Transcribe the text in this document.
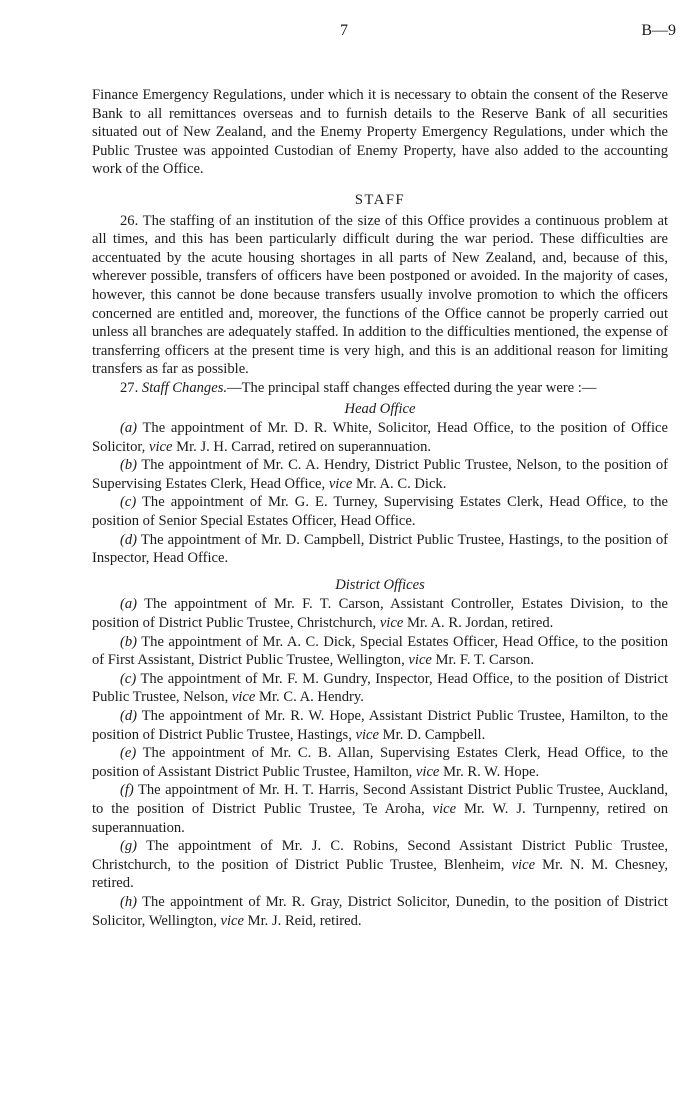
7	B—9

Finance Emergency Regulations, under which it is necessary to obtain the consent of the Reserve Bank to all remittances overseas and to furnish details to the Reserve Bank of all securities situated out of New Zealand, and the Enemy Property Emergency Regulations, under which the Public Trustee was appointed Custodian of Enemy Property, have also added to the accounting work of the Office.

STAFF

26. The staffing of an institution of the size of this Office provides a continuous problem at all times, and this has been particularly difficult during the war period. These difficulties are accentuated by the acute housing shortages in all parts of New Zealand, and, because of this, wherever possible, transfers of officers have been postponed or avoided. In the majority of cases, however, this cannot be done because transfers usually involve promotion to which the officers concerned are entitled and, moreover, the functions of the Office cannot be properly carried out unless all branches are adequately staffed. In addition to the difficulties mentioned, the expense of transferring officers at the present time is very high, and this is an additional reason for limiting transfers as far as possible.

27. Staff Changes.—The principal staff changes effected during the year were :—

Head Office

(a) The appointment of Mr. D. R. White, Solicitor, Head Office, to the position of Office Solicitor, vice Mr. J. H. Carrad, retired on superannuation.

(b) The appointment of Mr. C. A. Hendry, District Public Trustee, Nelson, to the position of Supervising Estates Clerk, Head Office, vice Mr. A. C. Dick.

(c) The appointment of Mr. G. E. Turney, Supervising Estates Clerk, Head Office, to the position of Senior Special Estates Officer, Head Office.

(d) The appointment of Mr. D. Campbell, District Public Trustee, Hastings, to the position of Inspector, Head Office.

District Offices

(a) The appointment of Mr. F. T. Carson, Assistant Controller, Estates Division, to the position of District Public Trustee, Christchurch, vice Mr. A. R. Jordan, retired.

(b) The appointment of Mr. A. C. Dick, Special Estates Officer, Head Office, to the position of First Assistant, District Public Trustee, Wellington, vice Mr. F. T. Carson.

(c) The appointment of Mr. F. M. Gundry, Inspector, Head Office, to the position of District Public Trustee, Nelson, vice Mr. C. A. Hendry.

(d) The appointment of Mr. R. W. Hope, Assistant District Public Trustee, Hamilton, to the position of District Public Trustee, Hastings, vice Mr. D. Campbell.

(e) The appointment of Mr. C. B. Allan, Supervising Estates Clerk, Head Office, to the position of Assistant District Public Trustee, Hamilton, vice Mr. R. W. Hope.

(f) The appointment of Mr. H. T. Harris, Second Assistant District Public Trustee, Auckland, to the position of District Public Trustee, Te Aroha, vice Mr. W. J. Turnpenny, retired on superannuation.

(g) The appointment of Mr. J. C. Robins, Second Assistant District Public Trustee, Christchurch, to the position of District Public Trustee, Blenheim, vice Mr. N. M. Chesney, retired.

(h) The appointment of Mr. R. Gray, District Solicitor, Dunedin, to the position of District Solicitor, Wellington, vice Mr. J. Reid, retired.
